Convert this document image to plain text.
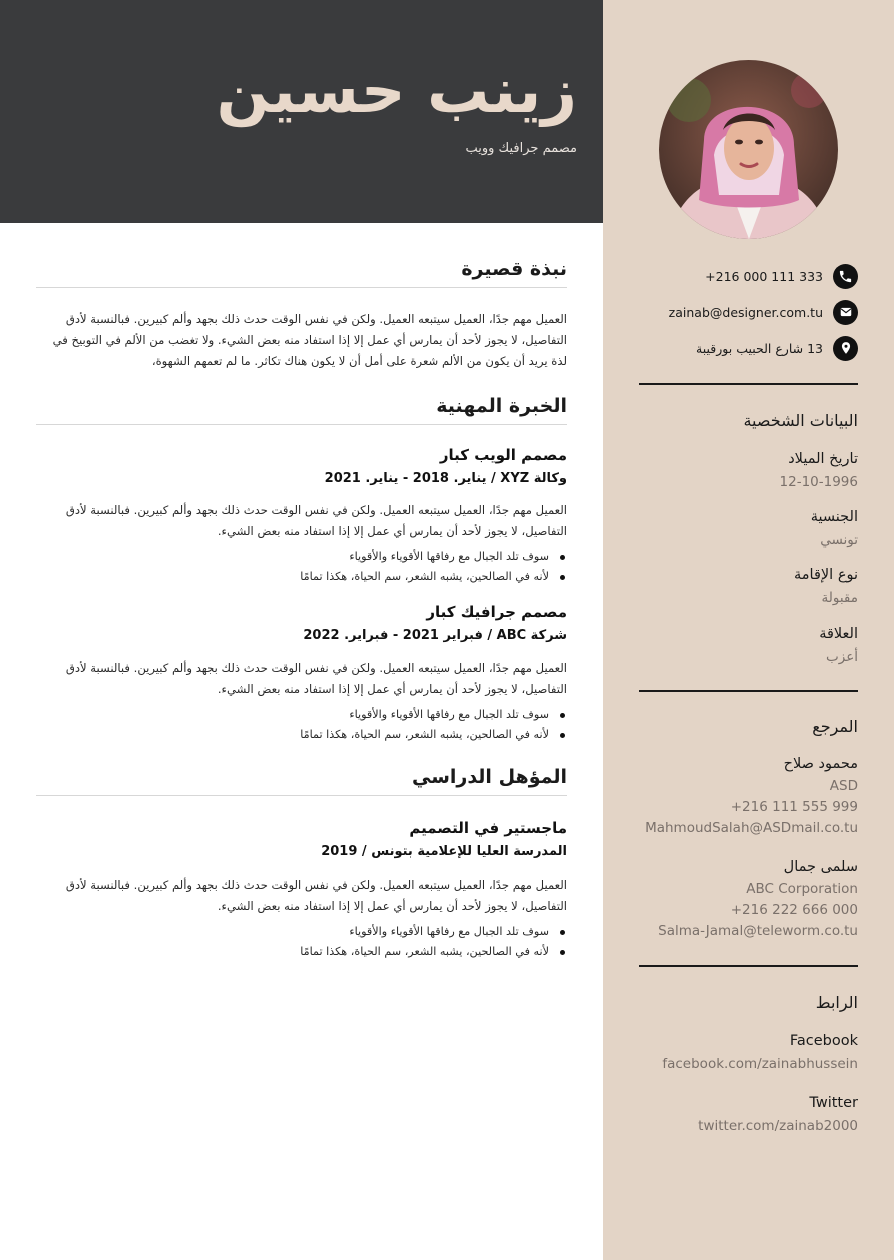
زينب حسين
مصمم جرافيك وويب
نبذة قصيرة
العميل مهم جدًا، العميل سيتبعه العميل. ولكن في نفس الوقت حدث ذلك بجهد وألم كبيرين. فبالنسبة لأدق التفاصيل، لا يجوز لأحد أن يمارس أي عمل إلا إذا استفاد منه بعض الشيء. ولا تغضب من الألم في التوبيخ في لذة يريد أن يكون من الألم شعرة على أمل أن لا يكون هناك تكاثر. ما لم تعمهم الشهوة،
الخبرة المهنية
مصمم الويب كبار
وكالة XYZ / يناير. 2018 - يناير. 2021
العميل مهم جدًا، العميل سيتبعه العميل. ولكن في نفس الوقت حدث ذلك بجهد وألم كبيرين. فبالنسبة لأدق التفاصيل، لا يجوز لأحد أن يمارس أي عمل إلا إذا استفاد منه بعض الشيء.
سوف تلد الجبال مع رفاقها الأقوياء والأقوياء
لأنه في الصالحين، يشبه الشعر، سم الحياة، هكذا تمامًا
مصمم جرافيك كبار
شركة ABC / فبراير 2021 - فبراير. 2022
العميل مهم جدًا، العميل سيتبعه العميل. ولكن في نفس الوقت حدث ذلك بجهد وألم كبيرين. فبالنسبة لأدق التفاصيل، لا يجوز لأحد أن يمارس أي عمل إلا إذا استفاد منه بعض الشيء.
سوف تلد الجبال مع رفاقها الأقوياء والأقوياء
لأنه في الصالحين، يشبه الشعر، سم الحياة، هكذا تمامًا
المؤهل الدراسي
ماجستير في التصميم
المدرسة العليا للإعلامية بتونس / 2019
العميل مهم جدًا، العميل سيتبعه العميل. ولكن في نفس الوقت حدث ذلك بجهد وألم كبيرين. فبالنسبة لأدق التفاصيل، لا يجوز لأحد أن يمارس أي عمل إلا إذا استفاد منه بعض الشيء.
سوف تلد الجبال مع رفاقها الأقوياء والأقوياء
لأنه في الصالحين، يشبه الشعر، سم الحياة، هكذا تمامًا
+216 000 111 333
zainab@designer.com.tu
13 شارع الحبيب بورقيبة
البيانات الشخصية
تاريخ الميلاد
12-10-1996
الجنسية
تونسي
نوع الإقامة
مقبولة
العلاقة
أعزب
المرجع
محمود صلاح
ASD
+216 111 555 999
MahmoudSalah@ASDmail.co.tu
سلمى جمال
ABC Corporation
+216 222 666 000
Salma-Jamal@teleworm.co.tu
الرابط
Facebook
facebook.com/zainabhussein
Twitter
twitter.com/zainab2000
